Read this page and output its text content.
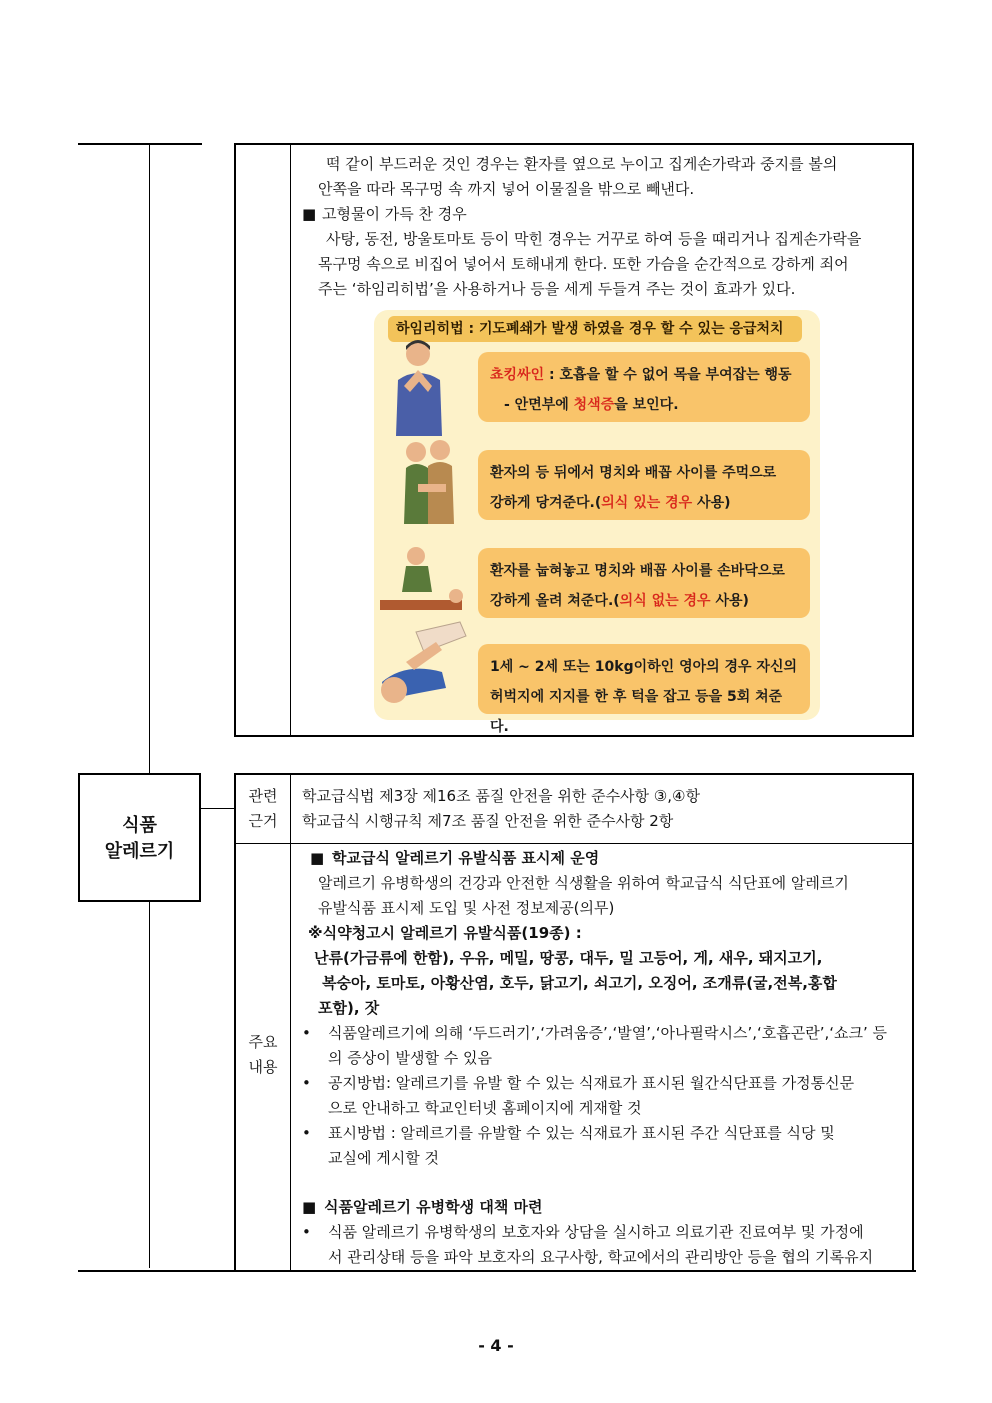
떡 같이 부드러운 것인 경우는 환자를 옆으로 누이고 집게손가락과 중지를 볼의
안쪽을 따라 목구멍 속 까지 넣어 이물질을 밖으로 빼낸다.
■ 고형물이 가득 찬 경우
사탕, 동전, 방울토마토 등이 막힌 경우는 거꾸로 하여 등을 때리거나 집게손가락을
목구멍 속으로 비집어 넣어서 토해내게 한다. 또한 가슴을 순간적으로 강하게 죄어
주는 ‘하임리히법’을 사용하거나 등을 세게 두들겨 주는 것이 효과가 있다.
하임리히법 : 기도폐쇄가 발생 하였을 경우 할 수 있는 응급처치
쵸킹싸인 : 호흡을 할 수 없어 목을 부여잡는 행동
- 안면부에 청색증을 보인다.
환자의 등 뒤에서 명치와 배꼽 사이를 주먹으로
강하게 당겨준다.(의식 있는 경우 사용)
환자를 눕혀놓고 명치와 배꼽 사이를 손바닥으로
강하게 올려 쳐준다.(의식 없는 경우 사용)
1세 ~ 2세 또는 10kg이하인 영아의 경우 자신의
허벅지에 지지를 한 후 턱을 잡고 등을 5회 쳐준다.
식품
알레르기
관련
근거
학교급식법 제3장 제16조 품질 안전을 위한 준수사항 ③,④항
학교급식 시행규칙 제7조 품질 안전을 위한 준수사항 2항
주요
내용
■ 학교급식 알레르기 유발식품 표시제 운영
알레르기 유병학생의 건강과 안전한 식생활을 위하여 학교급식 식단표에 알레르기
유발식품 표시제 도입 및 사전 정보제공(의무)
※식약청고시 알레르기 유발식품(19종) :
난류(가금류에 한함), 우유, 메밀, 땅콩, 대두, 밀 고등어, 게, 새우, 돼지고기,
복숭아, 토마토, 아황산염, 호두, 닭고기, 쇠고기, 오징어, 조개류(굴,전복,홍합
포함), 잣
• 식품알레르기에 의해 ‘두드러기’,‘가려움증’,‘발열’,‘아나필락시스’,‘호흡곤란’,‘쇼크’ 등
의 증상이 발생할 수 있음
• 공지방법: 알레르기를 유발 할 수 있는 식재료가 표시된 월간식단표를 가정통신문
으로 안내하고 학교인터넷 홈페이지에 게재할 것
• 표시방법 : 알레르기를 유발할 수 있는 식재료가 표시된 주간 식단표를 식당 및
교실에 게시할 것
■ 식품알레르기 유병학생 대책 마련
• 식품 알레르기 유병학생의 보호자와 상담을 실시하고 의료기관 진료여부 및 가정에
서 관리상태 등을 파악 보호자의 요구사항, 학교에서의 관리방안 등을 협의 기록유지
- 4 -
